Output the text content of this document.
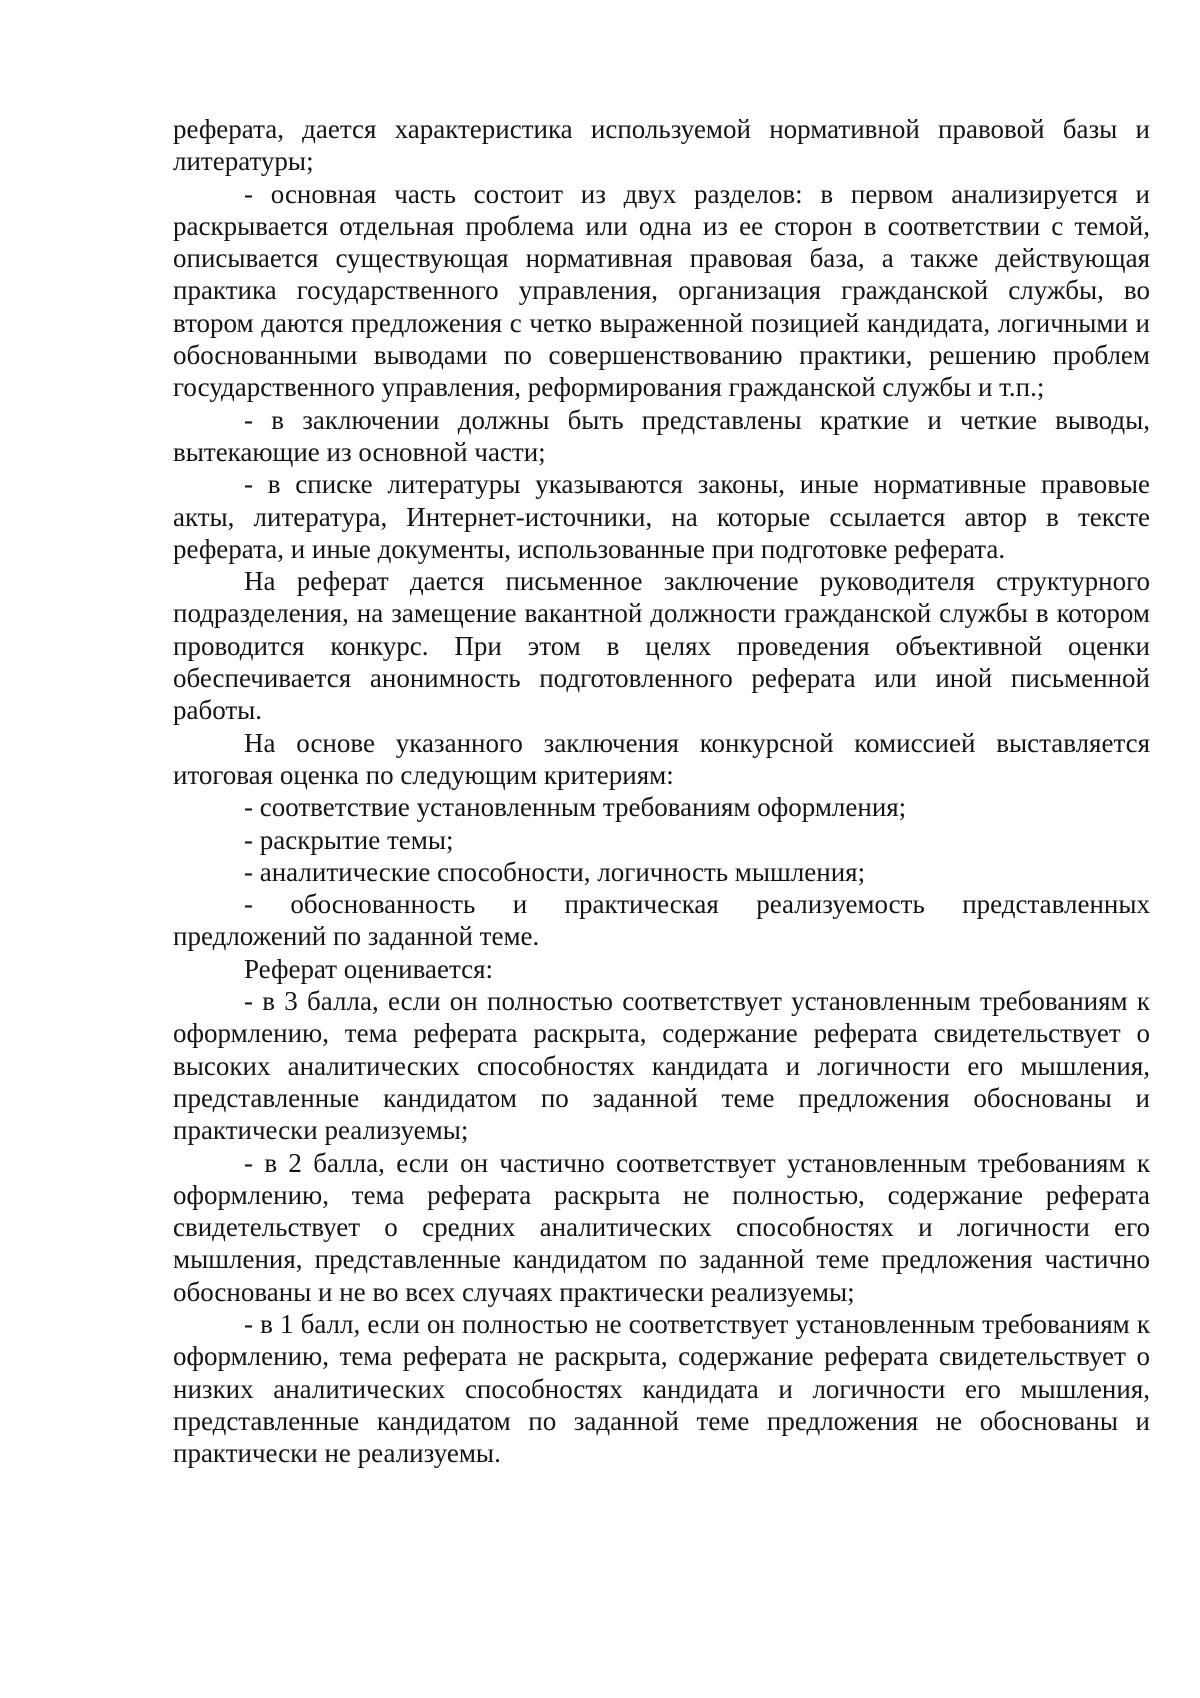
реферата, дается характеристика используемой нормативной правовой базы и литературы;

- основная часть состоит из двух разделов: в первом анализируется и раскрывается отдельная проблема или одна из ее сторон в соответствии с темой, описывается существующая нормативная правовая база, а также действующая практика государственного управления, организация гражданской службы, во втором даются предложения с четко выраженной позицией кандидата, логичными и обоснованными выводами по совершенствованию практики, решению проблем государственного управления, реформирования гражданской службы и т.п.;

- в заключении должны быть представлены краткие и четкие выводы, вытекающие из основной части;

- в списке литературы указываются законы, иные нормативные правовые акты, литература, Интернет-источники, на которые ссылается автор в тексте реферата, и иные документы, использованные при подготовке реферата.

На реферат дается письменное заключение руководителя структурного подразделения, на замещение вакантной должности гражданской службы в котором проводится конкурс. При этом в целях проведения объективной оценки обеспечивается анонимность подготовленного реферата или иной письменной работы.

На основе указанного заключения конкурсной комиссией выставляется итоговая оценка по следующим критериям:

- соответствие установленным требованиям оформления;

- раскрытие темы;

- аналитические способности, логичность мышления;

- обоснованность и практическая реализуемость представленных предложений по заданной теме.

Реферат оценивается:

- в 3 балла, если он полностью соответствует установленным требованиям к оформлению, тема реферата раскрыта, содержание реферата свидетельствует о высоких аналитических способностях кандидата и логичности его мышления, представленные кандидатом по заданной теме предложения обоснованы и практически реализуемы;

- в 2 балла, если он частично соответствует установленным требованиям к оформлению, тема реферата раскрыта не полностью, содержание реферата свидетельствует о средних аналитических способностях и логичности его мышления, представленные кандидатом по заданной теме предложения частично обоснованы и не во всех случаях практически реализуемы;

- в 1 балл, если он полностью не соответствует установленным требованиям к оформлению, тема реферата не раскрыта, содержание реферата свидетельствует о низких аналитических способностях кандидата и логичности его мышления, представленные кандидатом по заданной теме предложения не обоснованы и практически не реализуемы.
